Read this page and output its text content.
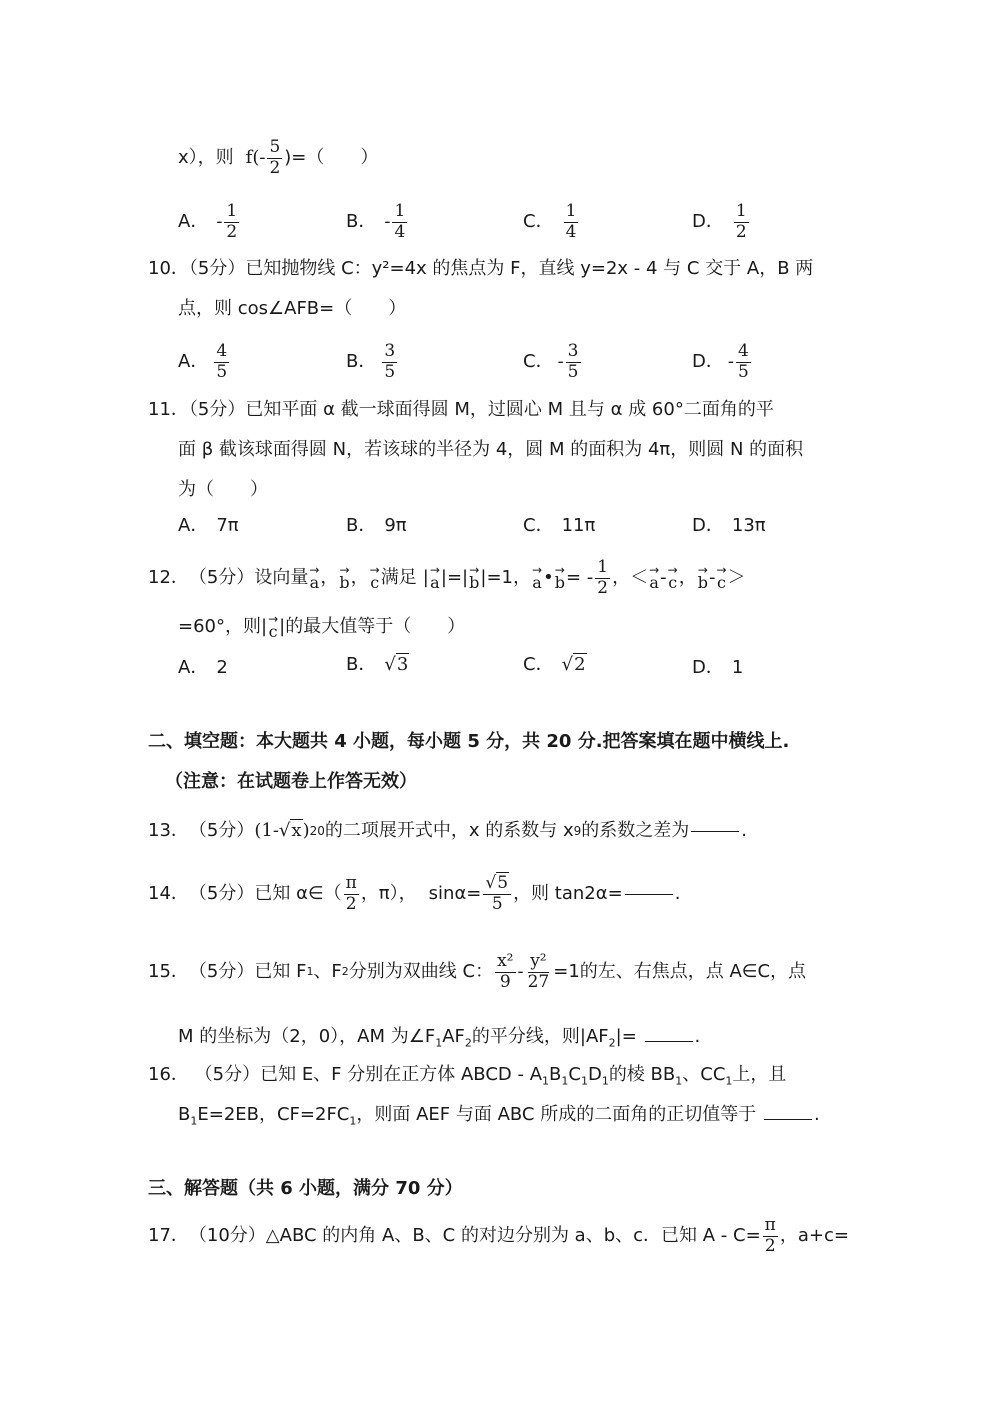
x），则 $f( - \frac{5}{2}$ )=（　　）
A． - $\frac{1}{2}$	B． - $\frac{1}{4}$	C． $\frac{1}{4}$	D． $\frac{1}{2}$
10．（5分）已知抛物线 C：y²=4x 的焦点为 F，直线 y=2x - 4 与 C 交于 A，B 两
点，则 cos∠AFB=（　　）
A． $\frac{4}{5}$	B． $\frac{3}{5}$	C． - $\frac{3}{5}$	D． - $\frac{4}{5}$
11．（5分）已知平面 α 截一球面得圆 M，过圆心 M 且与 α 成 60°二面角的平
面 β 截该球面得圆 N，若该球的半径为 4，圆 M 的面积为 4π，则圆 N 的面积
为（　　）
A． 7π	B． 9π	C． 11π	D． 13π
12． （5分）设向量 →
a ， →
b ， →
c 满足 | →
a | = | →
b | =1， →
a • →
b = - $\frac{1}{2}$ ，＜ →
a - →
c ， →
b - →
c ＞
=60°，则 | →
c | 的最大值等于（　　）
A． 2	B． √3	C． √2	D． 1
二、填空题：本大题共 4 小题，每小题 5 分，共 20 分.把答案填在题中横线上.
（注意：在试题卷上作答无效）
13． （5分） (1- √x ) 20 的二项展开式中，x 的系数与 x 9 的系数之差为	.
14． （5分）已知 α∈（ $\frac{\pi}{2}$ ，π）， $\sin\alpha= \frac{√5}{5}$ ，则 tan2α=	.
15． （5分）已知 F 1 、F 2 分别为双曲线 C： $\frac{\text{x²}}{9} - \frac{\text{y²}}{27} =1$的左、右焦点，点 A∈C，点
M 的坐标为（2，0），AM 为$\angle F_1AF_2$的平分线，则$|AF_2|=$	.
16． （5分）已知 E、F 分别在正方体 ABCD - $A_1B_1C_1D_1$的棱 $BB_1$、$CC_1$上，且
$B_1E=2EB$，$CF=2FC_1$，则面 AEF 与面 ABC 所成的二面角的正切值等于	.
三、解答题（共 6 小题，满分 70 分）
17． （10分）△ABC 的内角 A、B、C 的对边分别为 a、b、c．已知 $A - C= \frac{\pi}{2}$ ，a+c=
